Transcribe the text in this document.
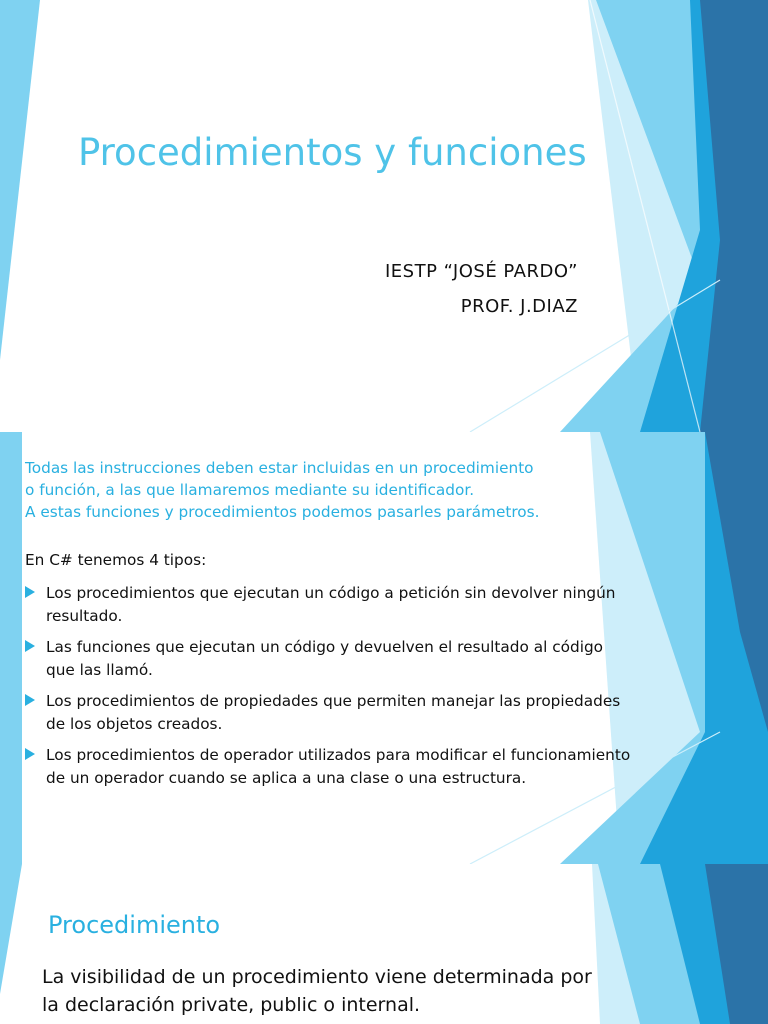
Procedimientos y funciones
IESTP “JOSÉ PARDO”
PROF. J.DIAZ
Todas las instrucciones deben estar incluidas en un procedimiento
o función, a las que llamaremos mediante su identificador.
A estas funciones y procedimientos podemos pasarles parámetros.
En C# tenemos 4 tipos:
Los procedimientos que ejecutan un código a petición sin devolver ningún resultado.
Las funciones que ejecutan un código y devuelven el resultado al código que las llamó.
Los procedimientos de propiedades que permiten manejar las propiedades de los objetos creados.
Los procedimientos de operador utilizados para modificar el funcionamiento de un operador cuando se aplica a una clase o una estructura.
Procedimiento
La visibilidad de un procedimiento viene determinada por
la declaración private, public o internal.
